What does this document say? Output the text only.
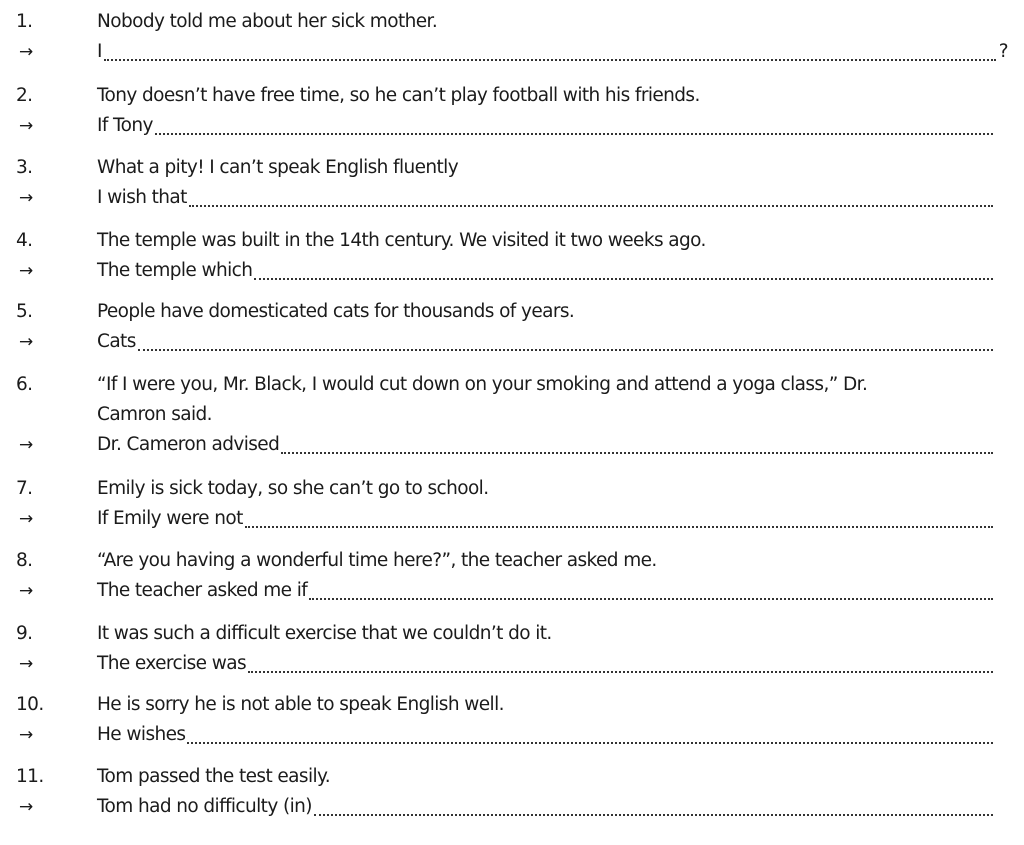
1.	Nobody told me about her sick mother.
→	I	?
2.	Tony doesn’t have free time, so he can’t play football with his friends.
→	If Tony
3.	What a pity! I can’t speak English fluently
→	I wish that
4.	The temple was built in the 14th century. We visited it two weeks ago.
→	The temple which
5.	People have domesticated cats for thousands of years.
→	Cats
6.	“If I were you, Mr. Black, I would cut down on your smoking and attend a yoga class,” Dr.
Camron said.
→	Dr. Cameron advised
7.	Emily is sick today, so she can’t go to school.
→	If Emily were not
8.	“Are you having a wonderful time here?”, the teacher asked me.
→	The teacher asked me if
9.	It was such a difficult exercise that we couldn’t do it.
→	The exercise was
10.	He is sorry he is not able to speak English well.
→	He wishes
11.	Tom passed the test easily.
→	Tom had no difficulty (in)
